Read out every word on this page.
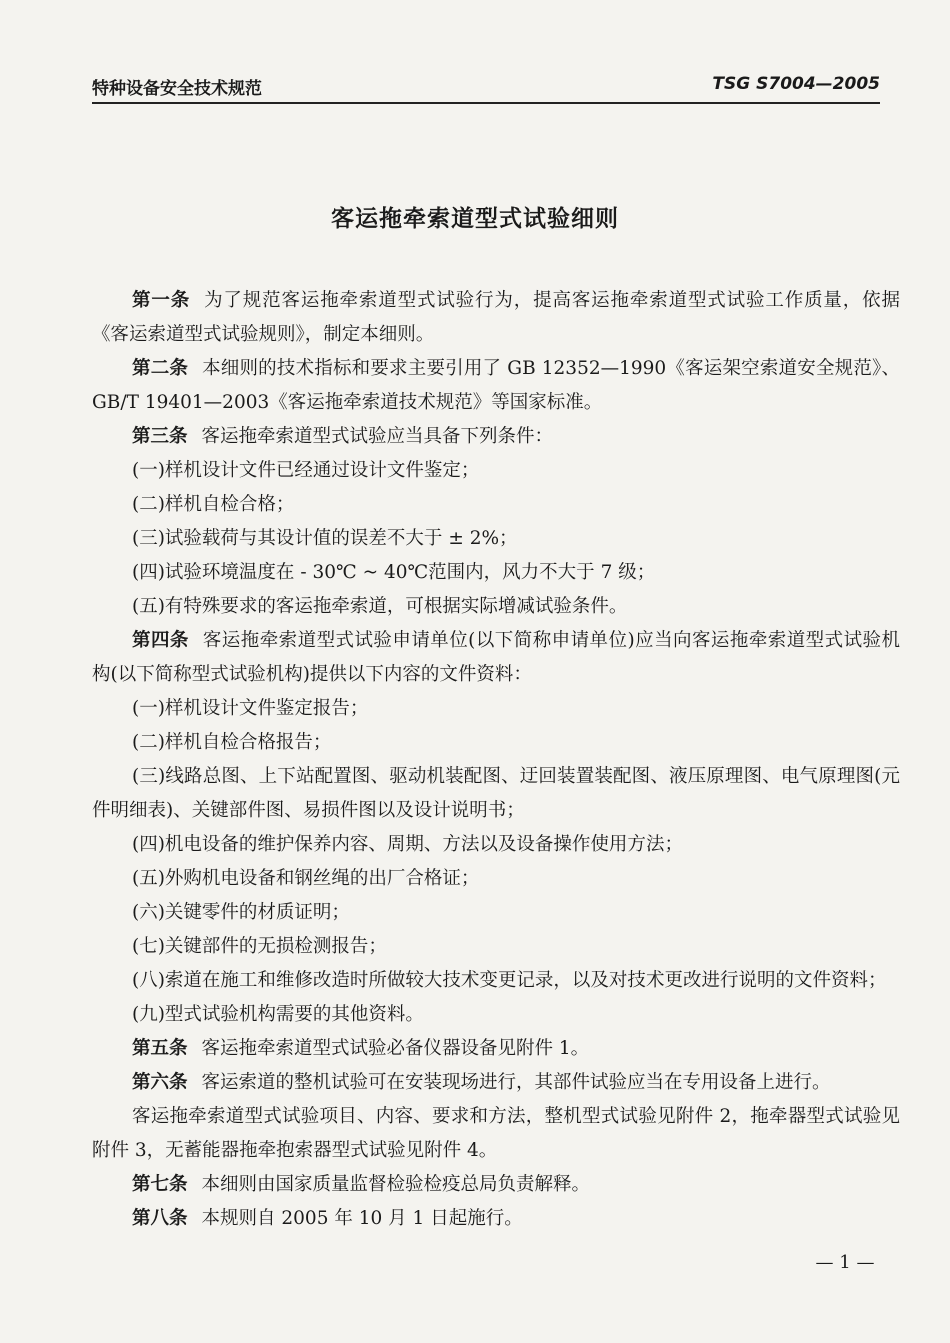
特种设备安全技术规范	TSG S7004—2005
客运拖牵索道型式试验细则

第一条 为了规范客运拖牵索道型式试验行为，提高客运拖牵索道型式试验工作质量，依据《客运索道型式试验规则》，制定本细则。

第二条 本细则的技术指标和要求主要引用了 GB 12352—1990《客运架空索道安全规范》、GB/T 19401—2003《客运拖牵索道技术规范》等国家标准。

第三条 客运拖牵索道型式试验应当具备下列条件：

(一)样机设计文件已经通过设计文件鉴定；

(二)样机自检合格；

(三)试验载荷与其设计值的误差不大于 ± 2%；

(四)试验环境温度在 - 30℃ ~ 40℃范围内，风力不大于 7 级；

(五)有特殊要求的客运拖牵索道，可根据实际增减试验条件。

第四条 客运拖牵索道型式试验申请单位(以下简称申请单位)应当向客运拖牵索道型式试验机构(以下简称型式试验机构)提供以下内容的文件资料：

(一)样机设计文件鉴定报告；

(二)样机自检合格报告；

(三)线路总图、上下站配置图、驱动机装配图、迂回装置装配图、液压原理图、电气原理图(元件明细表)、关键部件图、易损件图以及设计说明书；

(四)机电设备的维护保养内容、周期、方法以及设备操作使用方法；

(五)外购机电设备和钢丝绳的出厂合格证；

(六)关键零件的材质证明；

(七)关键部件的无损检测报告；

(八)索道在施工和维修改造时所做较大技术变更记录，以及对技术更改进行说明的文件资料；

(九)型式试验机构需要的其他资料。

第五条 客运拖牵索道型式试验必备仪器设备见附件 1。

第六条 客运索道的整机试验可在安装现场进行，其部件试验应当在专用设备上进行。

客运拖牵索道型式试验项目、内容、要求和方法，整机型式试验见附件 2，拖牵器型式试验见附件 3，无蓄能器拖牵抱索器型式试验见附件 4。

第七条 本细则由国家质量监督检验检疫总局负责解释。

第八条 本规则自 2005 年 10 月 1 日起施行。

— 1 —
